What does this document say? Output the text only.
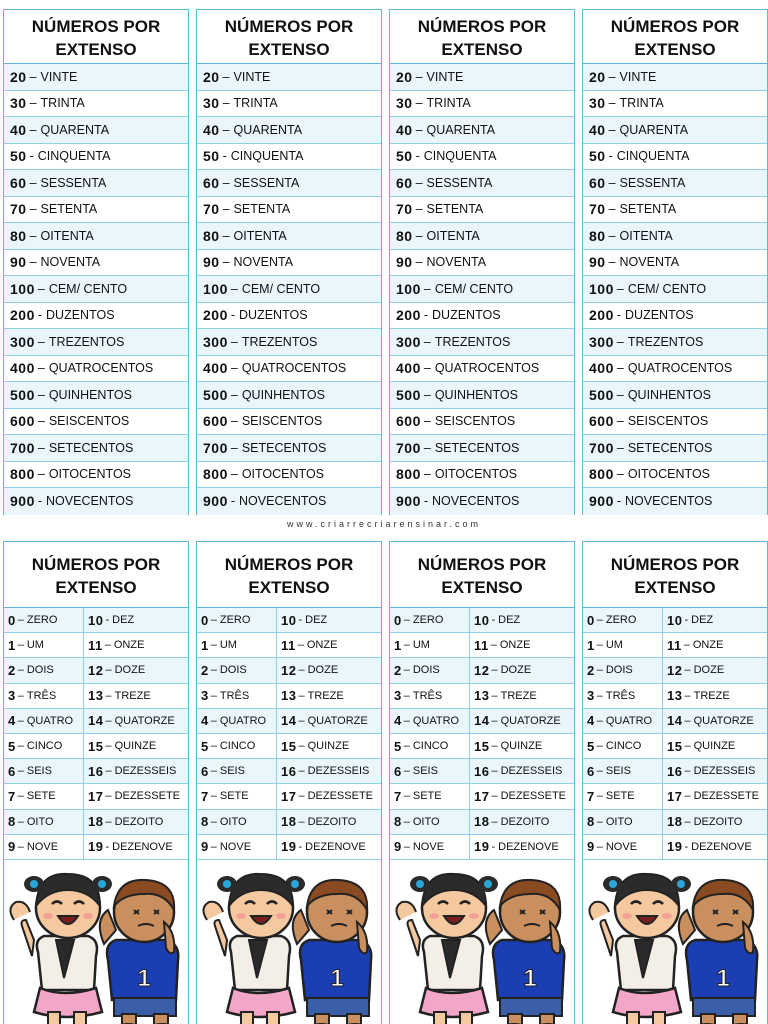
NÚMEROS POR
EXTENSO
20 – VINTE
30 – TRINTA
40 – QUARENTA
50 - CINQUENTA
60 – SESSENTA
70 – SETENTA
80 – OITENTA
90 – NOVENTA
100 – CEM/ CENTO
200 - DUZENTOS
300 – TREZENTOS
400 – QUATROCENTOS
500 – QUINHENTOS
600 – SEISCENTOS
700 – SETECENTOS
800 – OITOCENTOS
900 - NOVECENTOS
NÚMEROS POR
EXTENSO
20 – VINTE
30 – TRINTA
40 – QUARENTA
50 - CINQUENTA
60 – SESSENTA
70 – SETENTA
80 – OITENTA
90 – NOVENTA
100 – CEM/ CENTO
200 - DUZENTOS
300 – TREZENTOS
400 – QUATROCENTOS
500 – QUINHENTOS
600 – SEISCENTOS
700 – SETECENTOS
800 – OITOCENTOS
900 - NOVECENTOS
NÚMEROS POR
EXTENSO
20 – VINTE
30 – TRINTA
40 – QUARENTA
50 - CINQUENTA
60 – SESSENTA
70 – SETENTA
80 – OITENTA
90 – NOVENTA
100 – CEM/ CENTO
200 - DUZENTOS
300 – TREZENTOS
400 – QUATROCENTOS
500 – QUINHENTOS
600 – SEISCENTOS
700 – SETECENTOS
800 – OITOCENTOS
900 - NOVECENTOS
NÚMEROS POR
EXTENSO
20 – VINTE
30 – TRINTA
40 – QUARENTA
50 - CINQUENTA
60 – SESSENTA
70 – SETENTA
80 – OITENTA
90 – NOVENTA
100 – CEM/ CENTO
200 - DUZENTOS
300 – TREZENTOS
400 – QUATROCENTOS
500 – QUINHENTOS
600 – SEISCENTOS
700 – SETECENTOS
800 – OITOCENTOS
900 - NOVECENTOS
www.criarrecriarensinar.com
NÚMEROS POR
EXTENSO
0 – ZERO 10 - DEZ
1 – UM	11 – ONZE
2 – DOIS	12 – DOZE
3 – TRÊS 13 – TREZE
4 – QUATRO 14 – QUATORZE
5 – CINCO 15 – QUINZE
6 – SEIS	16 – DEZESSEIS
7 – SETE 17 – DEZESSETE
8 – OITO	18 – DEZOITO
9 – NOVE 19 - DEZENOVE
1
NÚMEROS POR
EXTENSO
0 – ZERO 10 - DEZ
1 – UM	11 – ONZE
2 – DOIS	12 – DOZE
3 – TRÊS 13 – TREZE
4 – QUATRO 14 – QUATORZE
5 – CINCO 15 – QUINZE
6 – SEIS	16 – DEZESSEIS
7 – SETE 17 – DEZESSETE
8 – OITO	18 – DEZOITO
9 – NOVE 19 - DEZENOVE
1
NÚMEROS POR
EXTENSO
0 – ZERO 10 - DEZ
1 – UM	11 – ONZE
2 – DOIS	12 – DOZE
3 – TRÊS 13 – TREZE
4 – QUATRO 14 – QUATORZE
5 – CINCO 15 – QUINZE
6 – SEIS	16 – DEZESSEIS
7 – SETE 17 – DEZESSETE
8 – OITO	18 – DEZOITO
9 – NOVE 19 - DEZENOVE
1
NÚMEROS POR
EXTENSO
0 – ZERO 10 - DEZ
1 – UM	11 – ONZE
2 – DOIS	12 – DOZE
3 – TRÊS 13 – TREZE
4 – QUATRO 14 – QUATORZE
5 – CINCO 15 – QUINZE
6 – SEIS	16 – DEZESSEIS
7 – SETE 17 – DEZESSETE
8 – OITO	18 – DEZOITO
9 – NOVE 19 - DEZENOVE
1
